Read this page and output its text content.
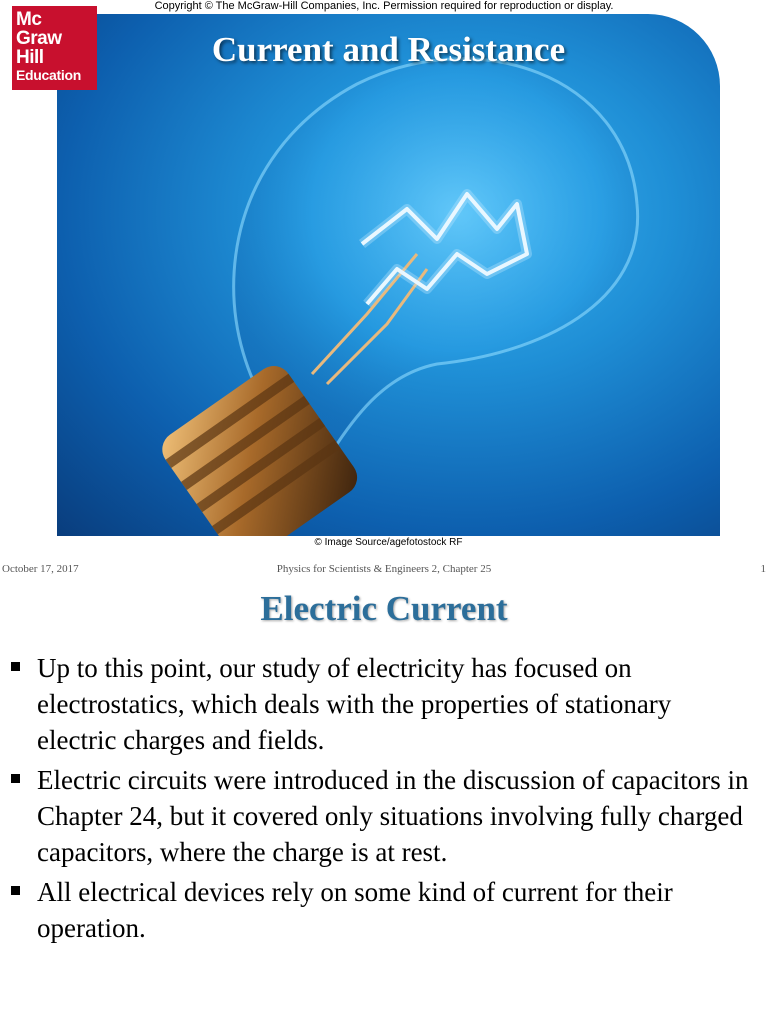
Copyright © The McGraw-Hill Companies, Inc. Permission required for reproduction or display.
Mc
Graw
Hill
Education
Current and Resistance
© Image Source/agefotostock RF
October 17, 2017	Physics for Scientists & Engineers 2, Chapter 25	1
Electric Current
Up to this point, our study of electricity has focused on electrostatics, which deals with the properties of stationary electric charges and fields.
Electric circuits were introduced in the discussion of capacitors in Chapter 24, but it covered only situations involving fully charged capacitors, where the charge is at rest.
All electrical devices rely on some kind of current for their operation.
